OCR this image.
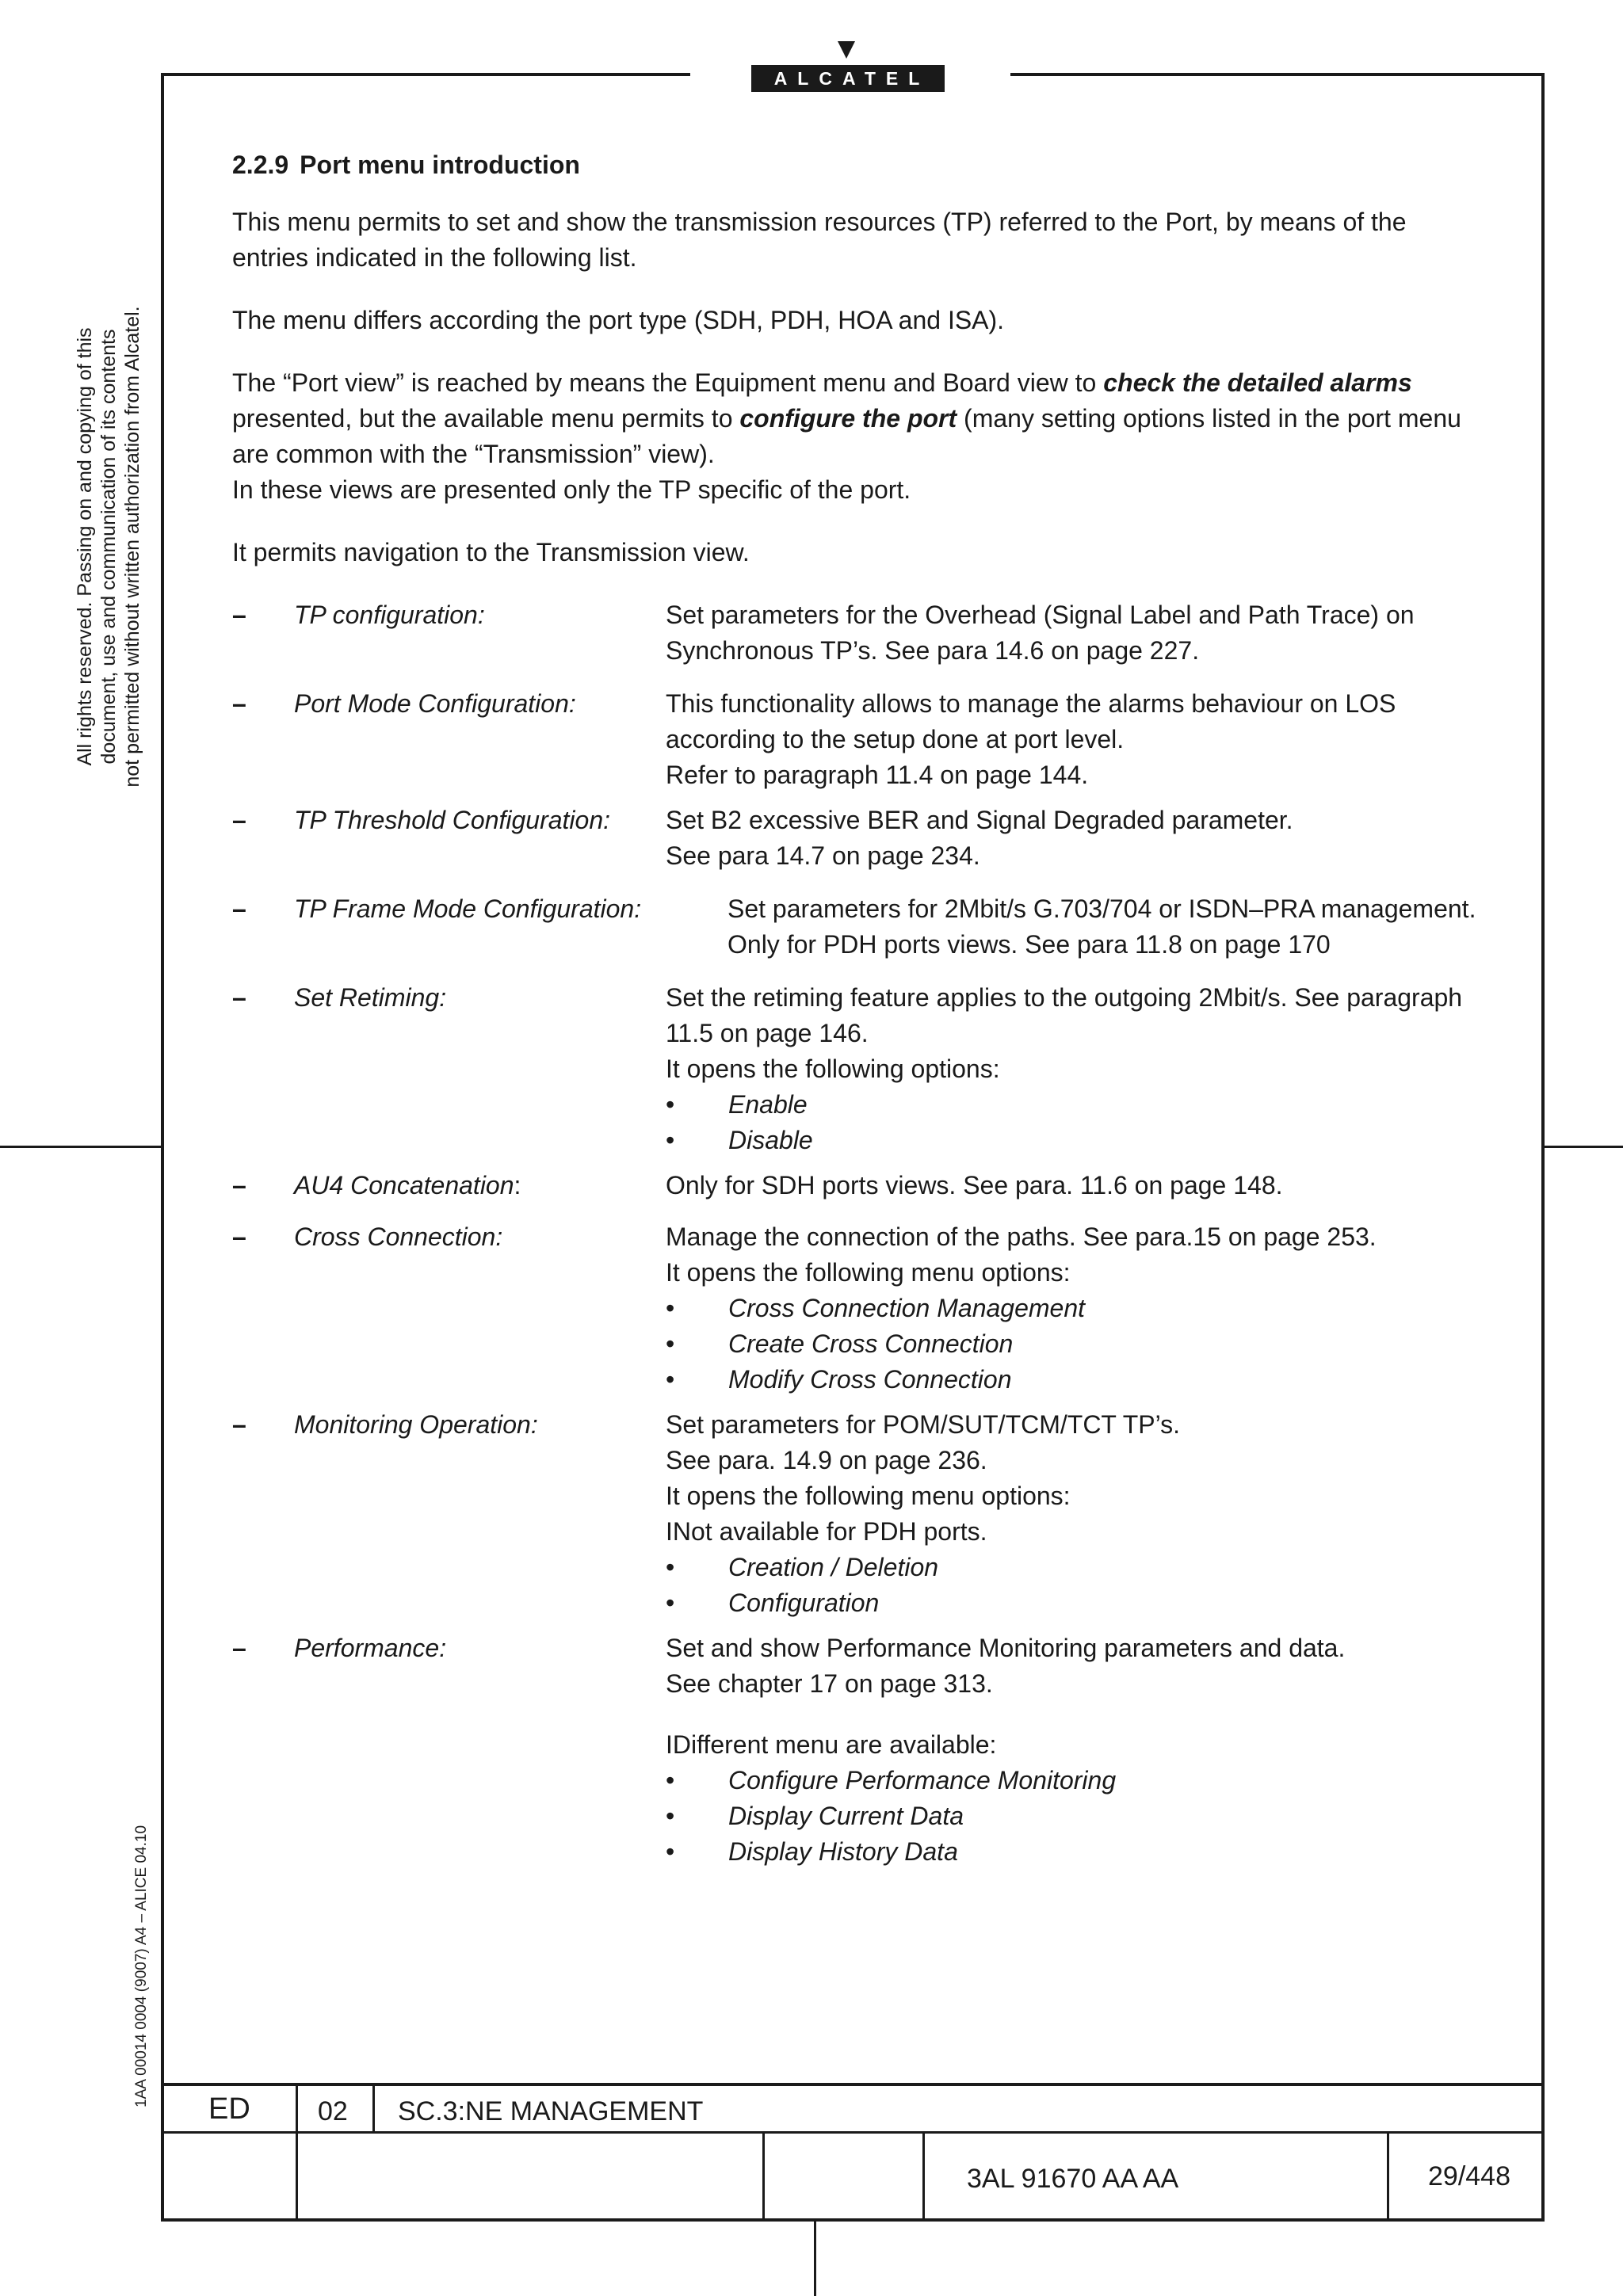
ALCATEL
All rights reserved. Passing on and copying of this document, use and communication of its contents not permitted without written authorization from Alcatel.
1AA 00014 0004 (9007) A4 – ALICE 04.10
2.2.9 Port menu introduction

This menu permits to set and show the transmission resources (TP) referred to the Port, by means of the entries indicated in the following list.

The menu differs according the port type (SDH, PDH, HOA and ISA).

The “Port view” is reached by means the Equipment menu and Board view to check the detailed alarms presented, but the available menu permits to configure the port (many setting options listed in the port menu are common with the “Transmission” view).

In these views are presented only the TP specific of the port.

It permits navigation to the Transmission view.

–	TP configuration:	Set parameters for the Overhead (Signal Label and Path Trace) on Synchronous TP’s. See para 14.6 on page 227.
–	Port Mode Configuration:	This functionality allows to manage the alarms behaviour on LOS according to the setup done at port level.
Refer to paragraph 11.4 on page 144.
–	TP Threshold Configuration: Set B2 excessive BER and Signal Degraded parameter.
See para 14.7 on page 234.
–	TP Frame Mode Configuration:	Set parameters for 2Mbit/s G.703/704 or ISDN–PRA management.
Only for PDH ports views. See para 11.8 on page 170
–	Set Retiming:	Set the retiming feature applies to the outgoing 2Mbit/s. See paragraph 11.5 on page 146.
It opens the following options:
• Enable
• Disable
–	AU4 Concatenation:	Only for SDH ports views. See para. 11.6 on page 148.
–	Cross Connection:	Manage the connection of the paths. See para.15 on page 253.
It opens the following menu options:
• Cross Connection Management
• Create Cross Connection
• Modify Cross Connection
–	Monitoring Operation:	Set parameters for POM/SUT/TCM/TCT TP’s.
See para. 14.9 on page 236.
It opens the following menu options:
INot available for PDH ports.
• Creation / Deletion
• Configuration
–	Performance:	Set and show Performance Monitoring parameters and data.
See chapter 17 on page 313.
IDifferent menu are available:
• Configure Performance Monitoring
• Display Current Data
• Display History Data
ED	02 SC.3:NE MANAGEMENT
3AL 91670 AA AA	29/448
